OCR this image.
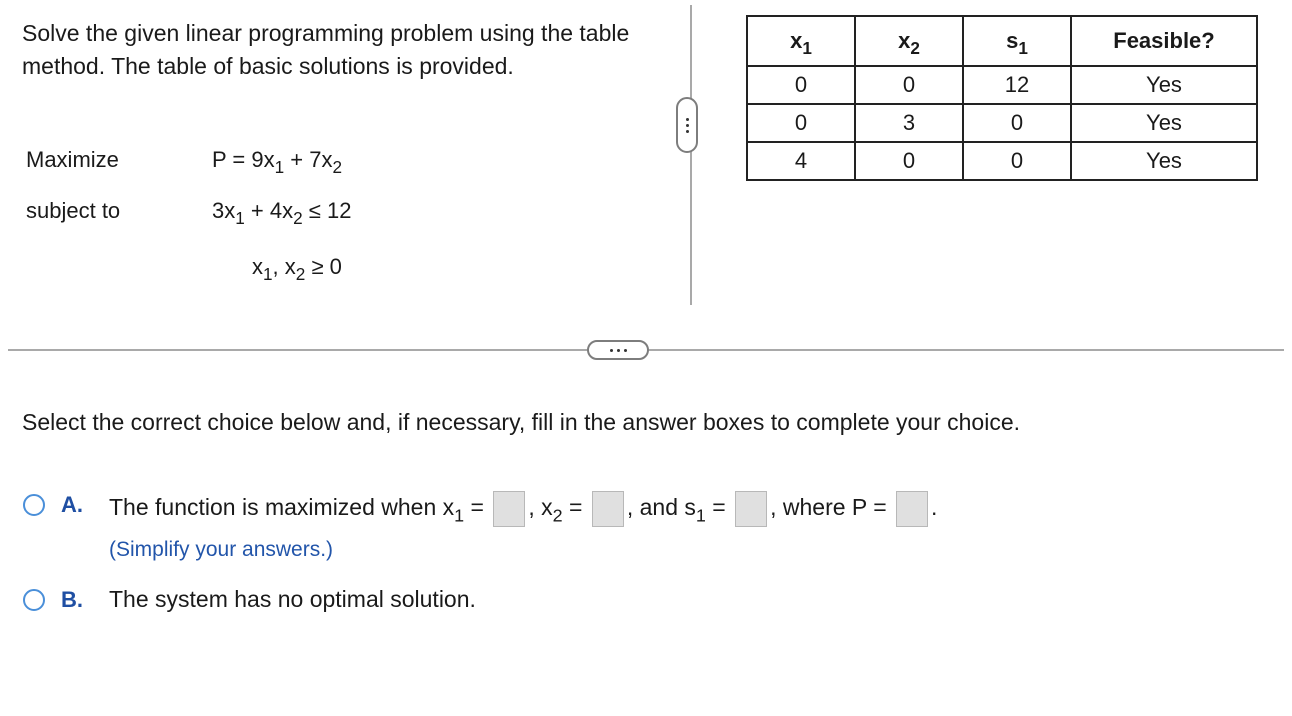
Solve the given linear programming problem using the table method. The table of basic solutions is provided.
Maximize	$P = 9x_1 + 7x_2$
subject to	$3x_1 + 4x_2 \le 12$
$x_1$, $x_2 \ge 0$
$x_1$	$x_2$	$s_1$	Feasible?
0	0	12	Yes
0	3	0	Yes
4	0	0	Yes
Select the correct choice below and, if necessary, fill in the answer boxes to complete your choice.
A. The function is maximized when $x_1$ = , $x_2$ = , and $s_1$ = , where P = .
(Simplify your answers.)
B. The system has no optimal solution.
